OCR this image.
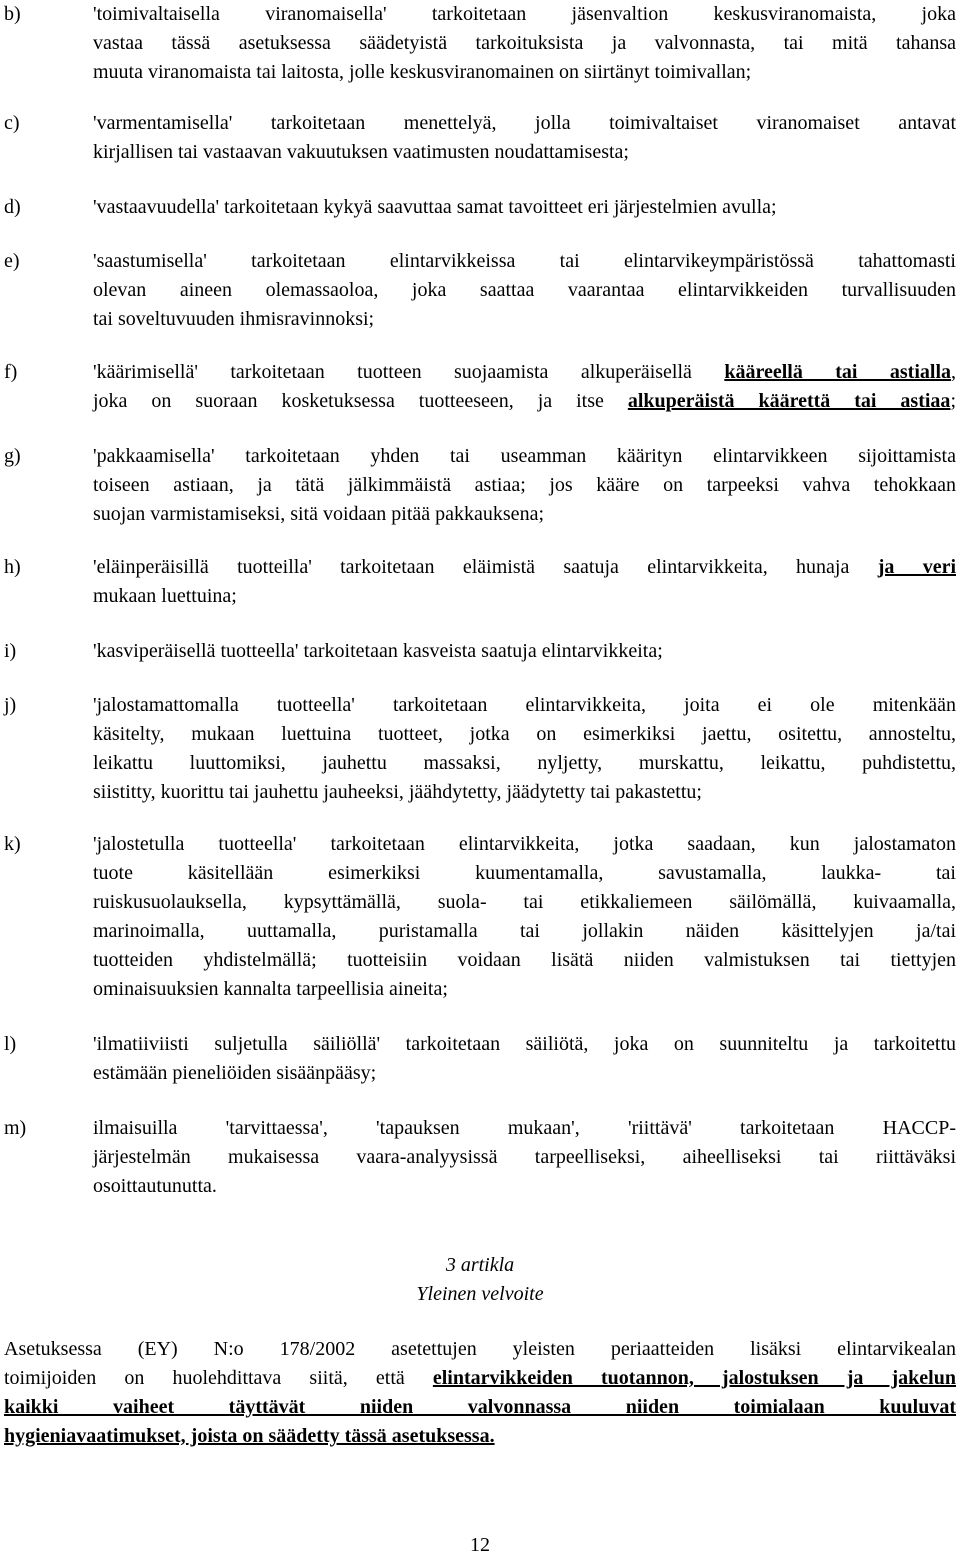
b)	'toimivaltaisella viranomaisella' tarkoitetaan jäsenvaltion keskusviranomaista, joka
vastaa tässä asetuksessa säädetyistä tarkoituksista ja valvonnasta, tai mitä tahansa
muuta viranomaista tai laitosta, jolle keskusviranomainen on siirtänyt toimivallan;
c)	'varmentamisella' tarkoitetaan menettelyä, jolla toimivaltaiset viranomaiset antavat
kirjallisen tai vastaavan vakuutuksen vaatimusten noudattamisesta;
d)	'vastaavuudella' tarkoitetaan kykyä saavuttaa samat tavoitteet eri järjestelmien avulla;
e)	'saastumisella' tarkoitetaan elintarvikkeissa tai elintarvikeympäristössä tahattomasti
olevan aineen olemassaoloa, joka saattaa vaarantaa elintarvikkeiden turvallisuuden
tai soveltuvuuden ihmisravinnoksi;
f)	'käärimisellä' tarkoitetaan tuotteen suojaamista alkuperäisellä kääreellä tai astialla,
joka on suoraan kosketuksessa tuotteeseen, ja itse alkuperäistä käärettä tai astiaa;
g)	'pakkaamisella' tarkoitetaan yhden tai useamman käärityn elintarvikkeen sijoittamista
toiseen astiaan, ja tätä jälkimmäistä astiaa; jos kääre on tarpeeksi vahva tehokkaan
suojan varmistamiseksi, sitä voidaan pitää pakkauksena;
h)	'eläinperäisillä tuotteilla' tarkoitetaan eläimistä saatuja elintarvikkeita, hunaja ja veri
mukaan luettuina;
i)	'kasviperäisellä tuotteella' tarkoitetaan kasveista saatuja elintarvikkeita;
j)	'jalostamattomalla tuotteella' tarkoitetaan elintarvikkeita, joita ei ole mitenkään
käsitelty, mukaan luettuina tuotteet, jotka on esimerkiksi jaettu, ositettu, annosteltu,
leikattu luuttomiksi, jauhettu massaksi, nyljetty, murskattu, leikattu, puhdistettu,
siistitty, kuorittu tai jauhettu jauheeksi, jäähdytetty, jäädytetty tai pakastettu;
k)	'jalostetulla tuotteella' tarkoitetaan elintarvikkeita, jotka saadaan, kun jalostamaton
tuote käsitellään esimerkiksi kuumentamalla, savustamalla, laukka- tai
ruiskusuolauksella, kypsyttämällä, suola- tai etikkaliemeen säilömällä, kuivaamalla,
marinoimalla, uuttamalla, puristamalla tai jollakin näiden käsittelyjen ja/tai
tuotteiden yhdistelmällä; tuotteisiin voidaan lisätä niiden valmistuksen tai tiettyjen
ominaisuuksien kannalta tarpeellisia aineita;
l)	'ilmatiiviisti suljetulla säiliöllä' tarkoitetaan säiliötä, joka on suunniteltu ja tarkoitettu
estämään pieneliöiden sisäänpääsy;
m)	ilmaisuilla 'tarvittaessa', 'tapauksen mukaan', 'riittävä' tarkoitetaan HACCP-
järjestelmän mukaisessa vaara-analyysissä tarpeelliseksi, aiheelliseksi tai riittäväksi
osoittautunutta.
3 artikla
Yleinen velvoite
Asetuksessa (EY) N:o 178/2002 asetettujen yleisten periaatteiden lisäksi elintarvikealan
toimijoiden on huolehdittava siitä, että elintarvikkeiden tuotannon, jalostuksen ja jakelun
kaikki vaiheet täyttävät niiden valvonnassa niiden toimialaan kuuluvat
hygieniavaatimukset, joista on säädetty tässä asetuksessa.
12
